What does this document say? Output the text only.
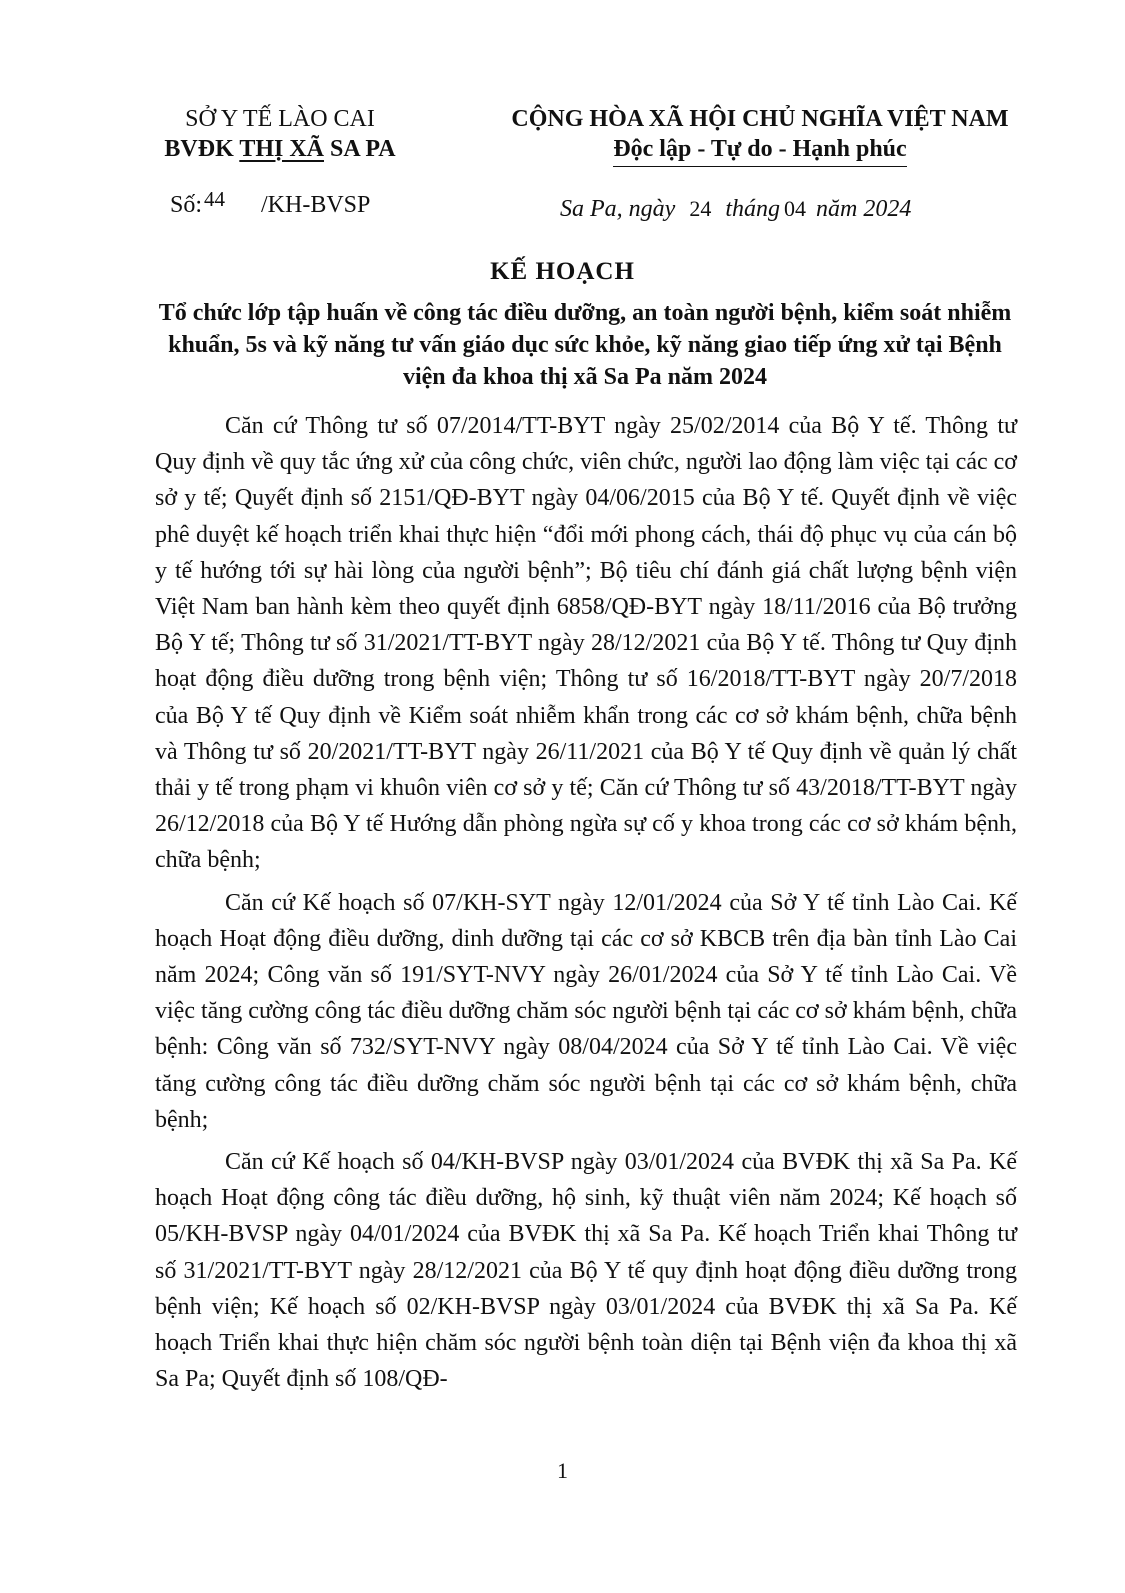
SỞ Y TẾ LÀO CAI
BVĐK THỊ XÃ SA PA
CỘNG HÒA XÃ HỘI CHỦ NGHĨA VIỆT NAM
Độc lập - Tự do - Hạnh phúc
Số:44 /KH-BVSP	Sa Pa, ngày 24 tháng 04 năm 2024
KẾ HOẠCH
Tổ chức lớp tập huấn về công tác điều dưỡng, an toàn người bệnh, kiểm soát nhiễm khuẩn, 5s và kỹ năng tư vấn giáo dục sức khỏe, kỹ năng giao tiếp ứng xử tại Bệnh viện đa khoa thị xã Sa Pa năm 2024

Căn cứ Thông tư số 07/2014/TT-BYT ngày 25/02/2014 của Bộ Y tế. Thông tư Quy định về quy tắc ứng xử của công chức, viên chức, người lao động làm việc tại các cơ sở y tế; Quyết định số 2151/QĐ-BYT ngày 04/06/2015 của Bộ Y tế. Quyết định về việc phê duyệt kế hoạch triển khai thực hiện “đổi mới phong cách, thái độ phục vụ của cán bộ y tế hướng tới sự hài lòng của người bệnh”; Bộ tiêu chí đánh giá chất lượng bệnh viện Việt Nam ban hành kèm theo quyết định 6858/QĐ-BYT ngày 18/11/2016 của Bộ trưởng Bộ Y tế; Thông tư số 31/2021/TT-BYT ngày 28/12/2021 của Bộ Y tế. Thông tư Quy định hoạt động điều dưỡng trong bệnh viện; Thông tư số 16/2018/TT-BYT ngày 20/7/2018 của Bộ Y tế Quy định về Kiểm soát nhiễm khẩn trong các cơ sở khám bệnh, chữa bệnh và Thông tư số 20/2021/TT-BYT ngày 26/11/2021 của Bộ Y tế Quy định về quản lý chất thải y tế trong phạm vi khuôn viên cơ sở y tế; Căn cứ Thông tư số 43/2018/TT-BYT ngày 26/12/2018 của Bộ Y tế Hướng dẫn phòng ngừa sự cố y khoa trong các cơ sở khám bệnh, chữa bệnh;

Căn cứ Kế hoạch số 07/KH-SYT ngày 12/01/2024 của Sở Y tế tỉnh Lào Cai. Kế hoạch Hoạt động điều dưỡng, dinh dưỡng tại các cơ sở KBCB trên địa bàn tỉnh Lào Cai năm 2024; Công văn số 191/SYT-NVY ngày 26/01/2024 của Sở Y tế tỉnh Lào Cai. Về việc tăng cường công tác điều dưỡng chăm sóc người bệnh tại các cơ sở khám bệnh, chữa bệnh: Công văn số 732/SYT-NVY ngày 08/04/2024 của Sở Y tế tỉnh Lào Cai. Về việc tăng cường công tác điều dưỡng chăm sóc người bệnh tại các cơ sở khám bệnh, chữa bệnh;

Căn cứ Kế hoạch số 04/KH-BVSP ngày 03/01/2024 của BVĐK thị xã Sa Pa. Kế hoạch Hoạt động công tác điều dưỡng, hộ sinh, kỹ thuật viên năm 2024; Kế hoạch số 05/KH-BVSP ngày 04/01/2024 của BVĐK thị xã Sa Pa. Kế hoạch Triển khai Thông tư số 31/2021/TT-BYT ngày 28/12/2021 của Bộ Y tế quy định hoạt động điều dưỡng trong bệnh viện; Kế hoạch số 02/KH-BVSP ngày 03/01/2024 của BVĐK thị xã Sa Pa. Kế hoạch Triển khai thực hiện chăm sóc người bệnh toàn diện tại Bệnh viện đa khoa thị xã Sa Pa; Quyết định số 108/QĐ-

1
